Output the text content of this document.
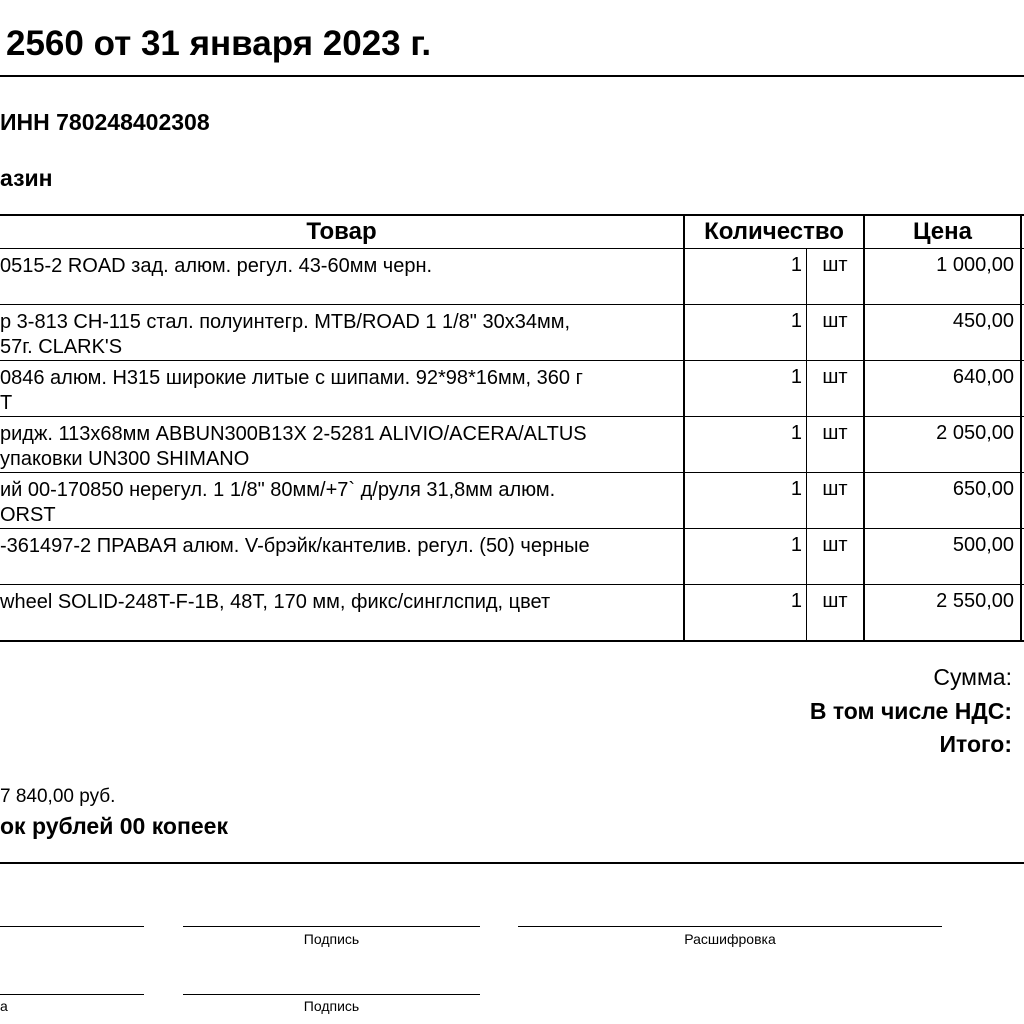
2560 от 31 января 2023 г.
ИНН 780248402308
азин
Товар	Количество	Цена
0515-2 ROAD зад. алюм. регул. 43-60мм черн.	1	шт	1 000,00
р 3-813 CH-115 стал. полуинтегр. MTB/ROAD 1 1/8" 30x34мм,
57г. CLARK'S
1	шт	450,00
0846 алюм. H315 широкие литые с шипами. 92*98*16мм, 360 г
T
1	шт	640,00
ридж. 113x68мм ABBUN300B13X 2-5281 ALIVIO/ACERA/ALTUS
упаковки UN300 SHIMANO
1	шт	2 050,00
ий 00-170850 нерегул. 1 1/8" 80мм/+7` д/руля 31,8мм алюм.
ORST
1	шт	650,00
-361497-2 ПРАВАЯ алюм. V-брэйк/кантелив. регул. (50) черные	1	шт	500,00
wheel SOLID-248T-F-1B, 48T, 170 мм, фикс/синглспид, цвет	1	шт	2 550,00
Сумма:
В том числе НДС:
Итого:
7 840,00 руб.
ок рублей 00 копеек
Подпись	Расшифровка
a	Подпись
